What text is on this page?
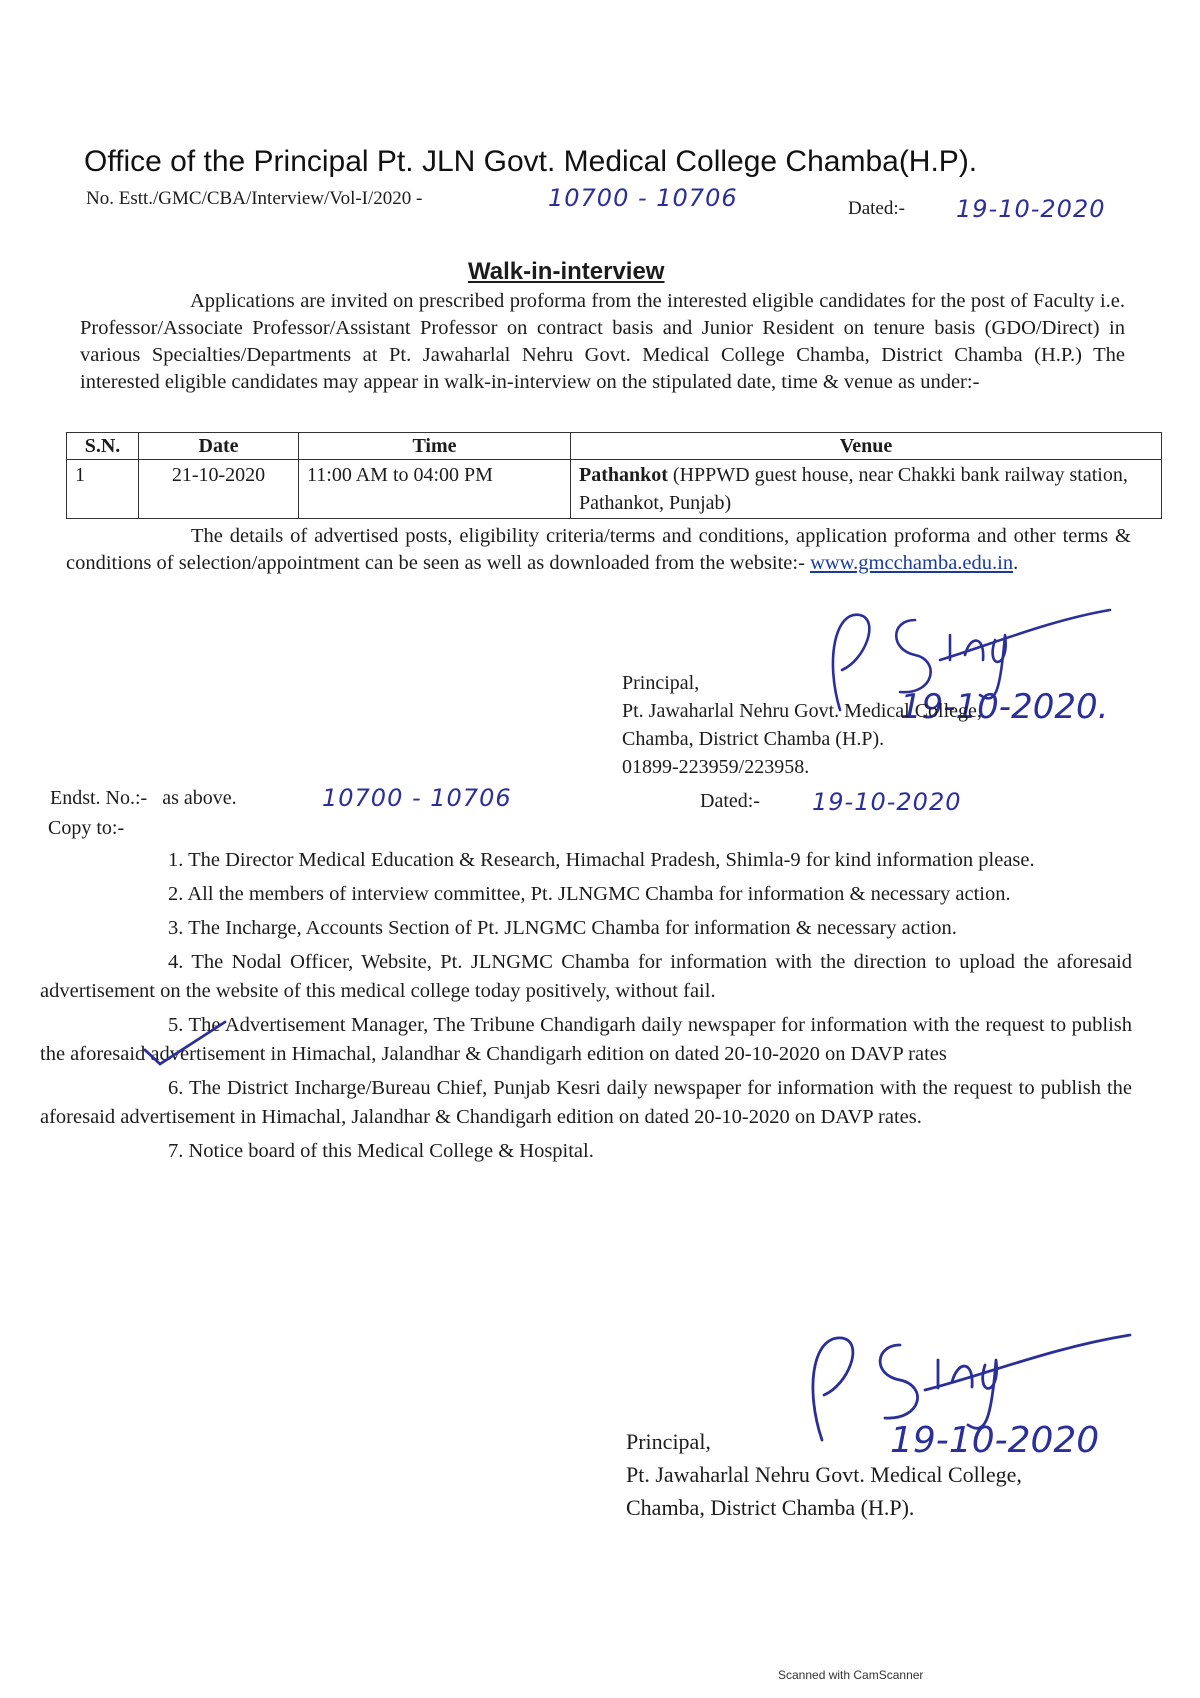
Office of the Principal Pt. JLN Govt. Medical College Chamba(H.P).
No. Estt./GMC/CBA/Interview/Vol-I/2020 -	10700 - 10706	Dated:- 19-10-2020
Walk-in-interview
Applications are invited on prescribed proforma from the interested eligible candidates for the post of Faculty i.e. Professor/Associate Professor/Assistant Professor on contract basis and Junior Resident on tenure basis (GDO/Direct) in various Specialties/Departments at Pt. Jawaharlal Nehru Govt. Medical College Chamba, District Chamba (H.P.) The interested eligible candidates may appear in walk-in-interview on the stipulated date, time & venue as under:-
S.N.	Date	Time	Venue
1	21-10-2020	11:00 AM to 04:00 PM	Pathankot (HPPWD guest house, near Chakki bank railway station, Pathankot, Punjab)
The details of advertised posts, eligibility criteria/terms and conditions, application proforma and other terms & conditions of selection/appointment can be seen as well as downloaded from the website:- www.gmcchamba.edu.in.
19-10-2020.
Principal,
Pt. Jawaharlal Nehru Govt. Medical College,
Chamba, District Chamba (H.P).
01899-223959/223958.
Endst. No.:- as above.	10700 - 10706	Dated:- 19-10-2020
Copy to:-

1. The Director Medical Education & Research, Himachal Pradesh, Shimla-9 for kind information please.

2. All the members of interview committee, Pt. JLNGMC Chamba for information & necessary action.

3. The Incharge, Accounts Section of Pt. JLNGMC Chamba for information & necessary action.

4. The Nodal Officer, Website, Pt. JLNGMC Chamba for information with the direction to upload the aforesaid advertisement on the website of this medical college today positively, without fail.

5. The Advertisement Manager, The Tribune Chandigarh daily newspaper for information with the request to publish the aforesaid advertisement in Himachal, Jalandhar & Chandigarh edition on dated 20-10-2020 on DAVP rates

6. The District Incharge/Bureau Chief, Punjab Kesri daily newspaper for information with the request to publish the aforesaid advertisement in Himachal, Jalandhar & Chandigarh edition on dated 20-10-2020 on DAVP rates.

7. Notice board of this Medical College & Hospital.

19-10-2020
Principal,
Pt. Jawaharlal Nehru Govt. Medical College,
Chamba, District Chamba (H.P).
Scanned with CamScanner
